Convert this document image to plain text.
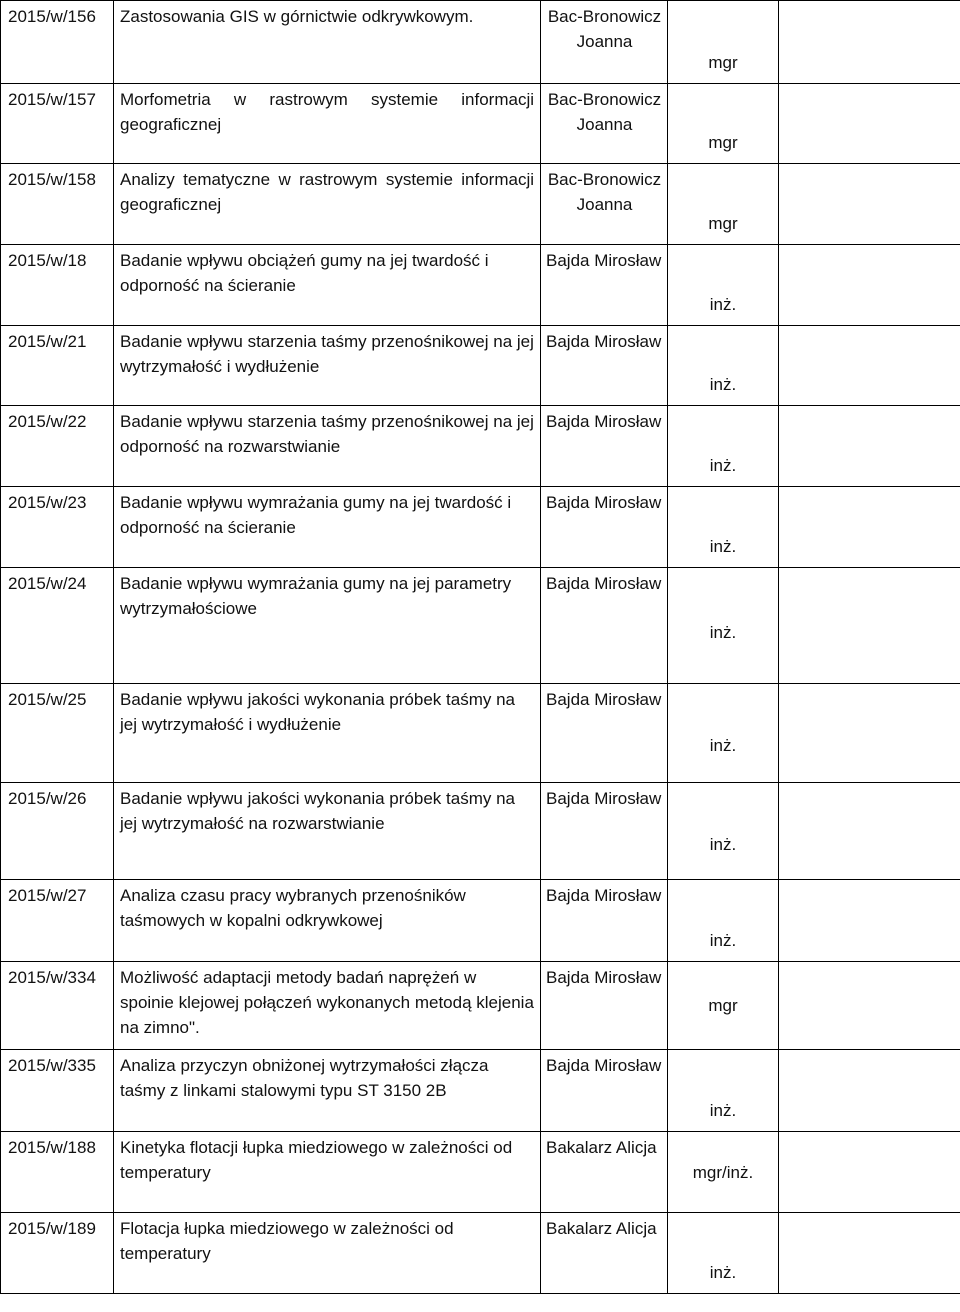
2015/w/156	Zastosowania GIS w górnictwie odkrywkowym.	Bac-Bronowicz Joanna	mgr	
2015/w/157	Morfometria w rastrowym systemie informacji geograficznej	Bac-Bronowicz Joanna	mgr	
2015/w/158	Analizy tematyczne w rastrowym systemie informacji geograficznej	Bac-Bronowicz Joanna	mgr	
2015/w/18	Badanie wpływu obciążeń gumy na jej twardość i odporność na ścieranie	Bajda Mirosław	inż.	
2015/w/21	Badanie wpływu starzenia taśmy przenośnikowej na jej wytrzymałość i wydłużenie	Bajda Mirosław	inż.	
2015/w/22	Badanie wpływu starzenia taśmy przenośnikowej na jej odporność na rozwarstwianie	Bajda Mirosław	inż.	
2015/w/23	Badanie wpływu wymrażania gumy na jej twardość i odporność na ścieranie	Bajda Mirosław	inż.	
2015/w/24	Badanie wpływu wymrażania gumy na jej parametry wytrzymałościowe	Bajda Mirosław	inż.	
2015/w/25	Badanie wpływu jakości wykonania próbek taśmy na jej wytrzymałość i wydłużenie	Bajda Mirosław	inż.	
2015/w/26	Badanie wpływu jakości wykonania próbek taśmy na jej wytrzymałość na rozwarstwianie	Bajda Mirosław	inż.	
2015/w/27	Analiza czasu pracy wybranych przenośników taśmowych w kopalni odkrywkowej	Bajda Mirosław	inż.	
2015/w/334	Możliwość adaptacji metody badań naprężeń w spoinie klejowej połączeń wykonanych metodą klejenia na zimno".	Bajda Mirosław	mgr	
2015/w/335	Analiza przyczyn obniżonej wytrzymałości złącza taśmy z linkami stalowymi typu ST 3150 2B	Bajda Mirosław	inż.	
2015/w/188	Kinetyka flotacji łupka miedziowego w zależności od temperatury	Bakalarz Alicja	mgr/inż.	
2015/w/189	Flotacja łupka miedziowego w zależności od temperatury	Bakalarz Alicja	inż.	
